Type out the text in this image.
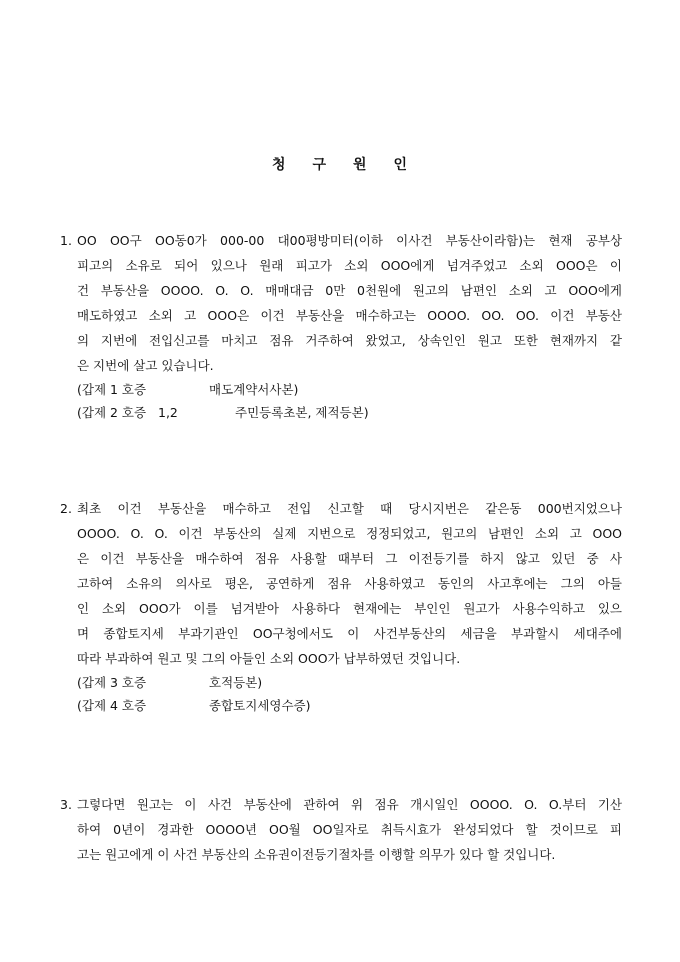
청 구 원 인
1. OO OO구 OO동0가 000-00 대00평방미터(이하 이사건 부동산이라함)는 현재 공부상
피고의 소유로 되어 있으나 원래 피고가 소외 OOO에게 넘겨주었고 소외 OOO은 이
건 부동산을 OOOO. O. O. 매매대금 0만 0천원에 원고의 남편인 소외 고 OOO에게
매도하였고 소외 고 OOO은 이건 부동산을 매수하고는 OOOO. OO. OO. 이건 부동산
의 지번에 전입신고를 마치고 점유 거주하여 왔었고, 상속인인 원고 또한 현재까지 같
은 지번에 살고 있습니다.
(갑제 1 호증	매도계약서사본)
(갑제 2 호증   1,2	주민등록초본, 제적등본)
2. 최초 이건 부동산을 매수하고 전입 신고할 때 당시지번은 같은동 000번지었으나
OOOO. O. O. 이건 부동산의 실제 지번으로 정정되었고, 원고의 남편인 소외 고 OOO
은 이건 부동산을 매수하여 점유 사용할 때부터 그 이전등기를 하지 않고 있던 중 사
고하여 소유의 의사로 평온, 공연하게 점유 사용하였고 동인의 사고후에는 그의 아들
인 소외 OOO가 이를 넘겨받아 사용하다 현재에는 부인인 원고가 사용수익하고 있으
며 종합토지세 부과기관인 OO구청에서도 이 사건부동산의 세금을 부과할시 세대주에
따라 부과하여 원고 및 그의 아들인 소외 OOO가 납부하였던 것입니다.
(갑제 3 호증	호적등본)
(갑제 4 호증	종합토지세영수증)
3. 그렇다면 원고는 이 사건 부동산에 관하여 위 점유 개시일인 OOOO. O. O.부터 기산
하여 0년이 경과한 OOOO년 OO월 OO일자로 취득시효가 완성되었다 할 것이므로 피
고는 원고에게 이 사건 부동산의 소유권이전등기절차를 이행할 의무가 있다 할 것입니다.
